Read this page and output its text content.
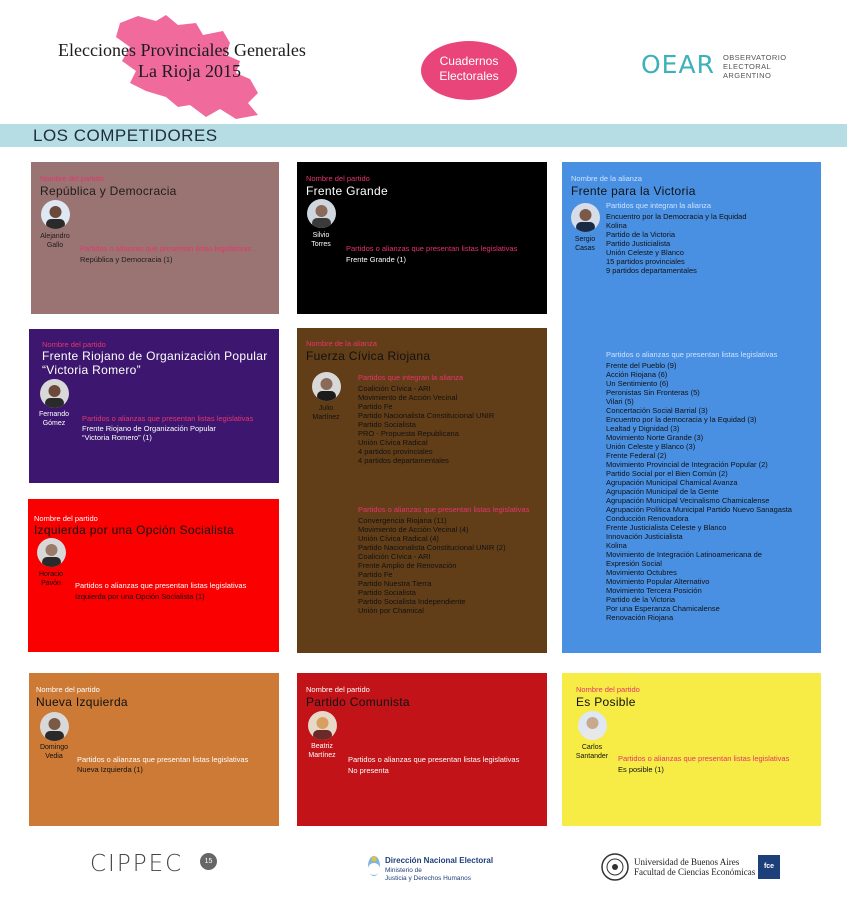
Elecciones Provinciales Generales
La Rioja 2015	Cuadernos Electorales	OEAR OBSERVATORIO
ELECTORAL
ARGENTINO
LOS COMPETIDORES
Nombre del partido
República y Democracia
Alejandro
Gallo	Partidos o alianzas que presentan listas legislativas
República y Democracia (1)
Nombre del partido
Frente Grande
Silvio
Torres	Partidos o alianzas que presentan listas legislativas
Frente Grande (1)
Nombre de la alianza
Frente para la Victoria
Sergio
Casas
Partidos que integran la alianza
Encuentro por la Democracia y la Equidad
Kolina
Partido de la Victoria
Partido Justicialista
Unión Celeste y Blanco
15 partidos provinciales
9 partidos departamentales
Partidos o alianzas que presentan listas legislativas
Frente del Pueblo (9)
Acción Riojana (6)
Un Sentimiento (6)
Peronistas Sin Fronteras (5)
Vilari (5)
Concertación Social Barrial (3)
Encuentro por la democracia y la Equidad (3)
Lealtad y Dignidad (3)
Movimiento Norte Grande (3)
Unión Celeste y Blanco (3)
Frente Federal (2)
Movimiento Provincial de Integración Popular (2)
Partido Social por el Bien Común (2)
Agrupación Municipal Chamical Avanza
Agrupación Municipal de la Gente
Agrupación Municipal Vecinalismo Chamicalense
Agrupación Política Municipal Partido Nuevo Sanagasta
Conducción Renovadora
Frente Justicialista Celeste y Blanco
Innovación Justicialista
Kolina
Movimiento de Integración Latinoamericana de
Expresión Social
Movimiento Octubres
Movimiento Popular Alternativo
Movimiento Tercera Posición
Partido de la Victoria
Por una Esperanza Chamicalense
Renovación Riojana
Nombre del partido
Frente Riojano de Organización Popular
“Victoria Romero”
Fernando
Gómez	Partidos o alianzas que presentan listas legislativas
Frente Riojano de Organización Popular
“Victoria Romero” (1)
Nombre de la alianza
Fuerza Cívica Riojana
Julio
Martínez
Partidos que integran la alianza
Coalición Cívica - ARI
Movimiento de Acción Vecinal
Partido Fe
Partido Nacionalista Constitucional UNIR
Partido Socialista
PRO - Propuesta Republicana
Unión Cívica Radical
4 partidos provinciales
4 partidos departamentales
Partidos o alianzas que presentan listas legislativas
Convergencia Riojana (11)
Movimiento de Acción Vecinal (4)
Unión Cívica Radical (4)
Partido Nacionalista Constitucional UNIR (2)
Coalición Cívica - ARI
Frente Amplio de Renovación
Partido Fe
Partido Nuestra Tierra
Partido Socialista
Partido Socialista Independiente
Unión por Chamical
Nombre del partido
Izquierda por una Opción Socialista
Horacio
Pavón	Partidos o alianzas que presentan listas legislativas
Izquierda por una Opción Socialista (1)
Nombre del partido
Nueva Izquierda
Domingo
Vedia	Partidos o alianzas que presentan listas legislativas
Nueva Izquierda (1)
Nombre del partido
Partido Comunista
Beatriz
Martínez	Partidos o alianzas que presentan listas legislativas
No presenta
Nombre del partido
Es Posible
Carlos
Santander	Partidos o alianzas que presentan listas legislativas
Es posible (1)
CIPPEC	15	Dirección Nacional Electoral
Ministerio de
Justicia y Derechos Humanos
Universidad de Buenos Aires
Facultad de Ciencias Económicas
fce
